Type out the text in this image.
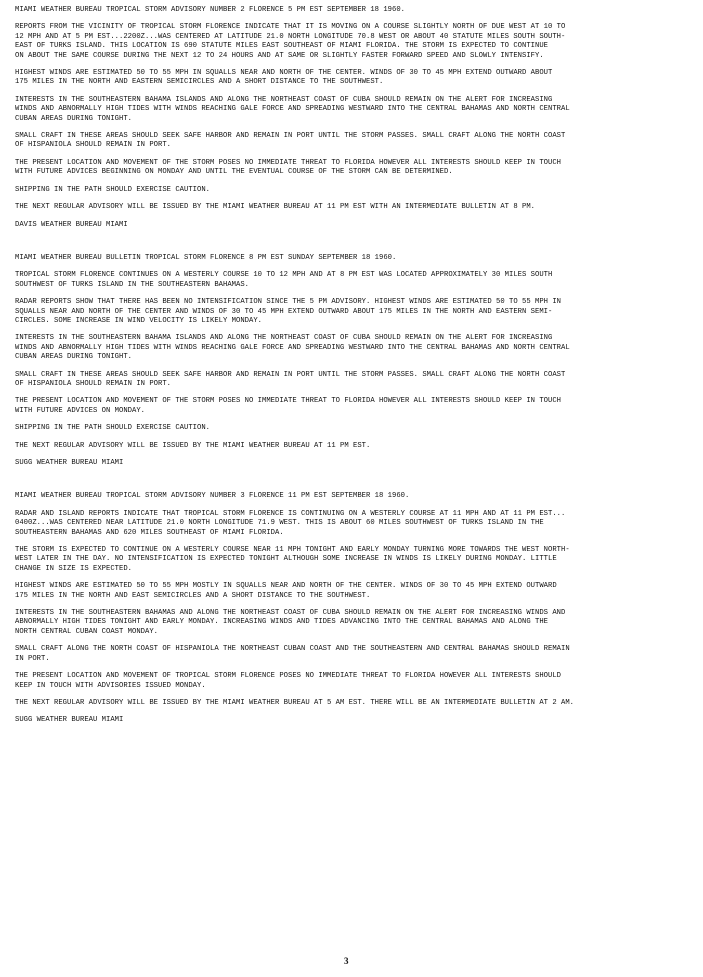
MIAMI WEATHER BUREAU TROPICAL STORM ADVISORY NUMBER 2 FLORENCE 5 PM EST SEPTEMBER 18 1960.

REPORTS FROM THE VICINITY OF TROPICAL STORM FLORENCE INDICATE THAT IT IS MOVING ON A COURSE SLIGHTLY NORTH OF DUE WEST AT 10 TO
12 MPH AND AT 5 PM EST...2200Z...WAS CENTERED AT LATITUDE 21.0 NORTH LONGITUDE 70.8 WEST OR ABOUT 40 STATUTE MILES SOUTH SOUTH-
EAST OF TURKS ISLAND. THIS LOCATION IS 690 STATUTE MILES EAST SOUTHEAST OF MIAMI FLORIDA. THE STORM IS EXPECTED TO CONTINUE
ON ABOUT THE SAME COURSE DURING THE NEXT 12 TO 24 HOURS AND AT SAME OR SLIGHTLY FASTER FORWARD SPEED AND SLOWLY INTENSIFY.

HIGHEST WINDS ARE ESTIMATED 50 TO 55 MPH IN SQUALLS NEAR AND NORTH OF THE CENTER. WINDS OF 30 TO 45 MPH EXTEND OUTWARD ABOUT
175 MILES IN THE NORTH AND EASTERN SEMICIRCLES AND A SHORT DISTANCE TO THE SOUTHWEST.

INTERESTS IN THE SOUTHEASTERN BAHAMA ISLANDS AND ALONG THE NORTHEAST COAST OF CUBA SHOULD REMAIN ON THE ALERT FOR INCREASING
WINDS AND ABNORMALLY HIGH TIDES WITH WINDS REACHING GALE FORCE AND SPREADING WESTWARD INTO THE CENTRAL BAHAMAS AND NORTH CENTRAL
CUBAN AREAS DURING TONIGHT.

SMALL CRAFT IN THESE AREAS SHOULD SEEK SAFE HARBOR AND REMAIN IN PORT UNTIL THE STORM PASSES. SMALL CRAFT ALONG THE NORTH COAST
OF HISPANIOLA SHOULD REMAIN IN PORT.

THE PRESENT LOCATION AND MOVEMENT OF THE STORM POSES NO IMMEDIATE THREAT TO FLORIDA HOWEVER ALL INTERESTS SHOULD KEEP IN TOUCH
WITH FUTURE ADVICES BEGINNING ON MONDAY AND UNTIL THE EVENTUAL COURSE OF THE STORM CAN BE DETERMINED.

SHIPPING IN THE PATH SHOULD EXERCISE CAUTION.

THE NEXT REGULAR ADVISORY WILL BE ISSUED BY THE MIAMI WEATHER BUREAU AT 11 PM EST WITH AN INTERMEDIATE BULLETIN AT 8 PM.

DAVIS WEATHER BUREAU MIAMI

MIAMI WEATHER BUREAU BULLETIN TROPICAL STORM FLORENCE 8 PM EST SUNDAY SEPTEMBER 18 1960.

TROPICAL STORM FLORENCE CONTINUES ON A WESTERLY COURSE 10 TO 12 MPH AND AT 8 PM EST WAS LOCATED APPROXIMATELY 30 MILES SOUTH
SOUTHWEST OF TURKS ISLAND IN THE SOUTHEASTERN BAHAMAS.

RADAR REPORTS SHOW THAT THERE HAS BEEN NO INTENSIFICATION SINCE THE 5 PM ADVISORY. HIGHEST WINDS ARE ESTIMATED 50 TO 55 MPH IN
SQUALLS NEAR AND NORTH OF THE CENTER AND WINDS OF 30 TO 45 MPH EXTEND OUTWARD ABOUT 175 MILES IN THE NORTH AND EASTERN SEMI-
CIRCLES. SOME INCREASE IN WIND VELOCITY IS LIKELY MONDAY.

INTERESTS IN THE SOUTHEASTERN BAHAMA ISLANDS AND ALONG THE NORTHEAST COAST OF CUBA SHOULD REMAIN ON THE ALERT FOR INCREASING
WINDS AND ABNORMALLY HIGH TIDES WITH WINDS REACHING GALE FORCE AND SPREADING WESTWARD INTO THE CENTRAL BAHAMAS AND NORTH CENTRAL
CUBAN AREAS DURING TONIGHT.

SMALL CRAFT IN THESE AREAS SHOULD SEEK SAFE HARBOR AND REMAIN IN PORT UNTIL THE STORM PASSES. SMALL CRAFT ALONG THE NORTH COAST
OF HISPANIOLA SHOULD REMAIN IN PORT.

THE PRESENT LOCATION AND MOVEMENT OF THE STORM POSES NO IMMEDIATE THREAT TO FLORIDA HOWEVER ALL INTERESTS SHOULD KEEP IN TOUCH
WITH FUTURE ADVICES ON MONDAY.

SHIPPING IN THE PATH SHOULD EXERCISE CAUTION.

THE NEXT REGULAR ADVISORY WILL BE ISSUED BY THE MIAMI WEATHER BUREAU AT 11 PM EST.

SUGG WEATHER BUREAU MIAMI

MIAMI WEATHER BUREAU TROPICAL STORM ADVISORY NUMBER 3 FLORENCE 11 PM EST SEPTEMBER 18 1960.

RADAR AND ISLAND REPORTS INDICATE THAT TROPICAL STORM FLORENCE IS CONTINUING ON A WESTERLY COURSE AT 11 MPH AND AT 11 PM EST...
0400Z...WAS CENTERED NEAR LATITUDE 21.0 NORTH LONGITUDE 71.9 WEST. THIS IS ABOUT 60 MILES SOUTHWEST OF TURKS ISLAND IN THE
SOUTHEASTERN BAHAMAS AND 620 MILES SOUTHEAST OF MIAMI FLORIDA.

THE STORM IS EXPECTED TO CONTINUE ON A WESTERLY COURSE NEAR 11 MPH TONIGHT AND EARLY MONDAY TURNING MORE TOWARDS THE WEST NORTH-
WEST LATER IN THE DAY. NO INTENSIFICATION IS EXPECTED TONIGHT ALTHOUGH SOME INCREASE IN WINDS IS LIKELY DURING MONDAY. LITTLE
CHANGE IN SIZE IS EXPECTED.

HIGHEST WINDS ARE ESTIMATED 50 TO 55 MPH MOSTLY IN SQUALLS NEAR AND NORTH OF THE CENTER. WINDS OF 30 TO 45 MPH EXTEND OUTWARD
175 MILES IN THE NORTH AND EAST SEMICIRCLES AND A SHORT DISTANCE TO THE SOUTHWEST.

INTERESTS IN THE SOUTHEASTERN BAHAMAS AND ALONG THE NORTHEAST COAST OF CUBA SHOULD REMAIN ON THE ALERT FOR INCREASING WINDS AND
ABNORMALLY HIGH TIDES TONIGHT AND EARLY MONDAY. INCREASING WINDS AND TIDES ADVANCING INTO THE CENTRAL BAHAMAS AND ALONG THE
NORTH CENTRAL CUBAN COAST MONDAY.

SMALL CRAFT ALONG THE NORTH COAST OF HISPANIOLA THE NORTHEAST CUBAN COAST AND THE SOUTHEASTERN AND CENTRAL BAHAMAS SHOULD REMAIN
IN PORT.

THE PRESENT LOCATION AND MOVEMENT OF TROPICAL STORM FLORENCE POSES NO IMMEDIATE THREAT TO FLORIDA HOWEVER ALL INTERESTS SHOULD
KEEP IN TOUCH WITH ADVISORIES ISSUED MONDAY.

THE NEXT REGULAR ADVISORY WILL BE ISSUED BY THE MIAMI WEATHER BUREAU AT 5 AM EST. THERE WILL BE AN INTERMEDIATE BULLETIN AT 2 AM.

SUGG WEATHER BUREAU MIAMI

3
